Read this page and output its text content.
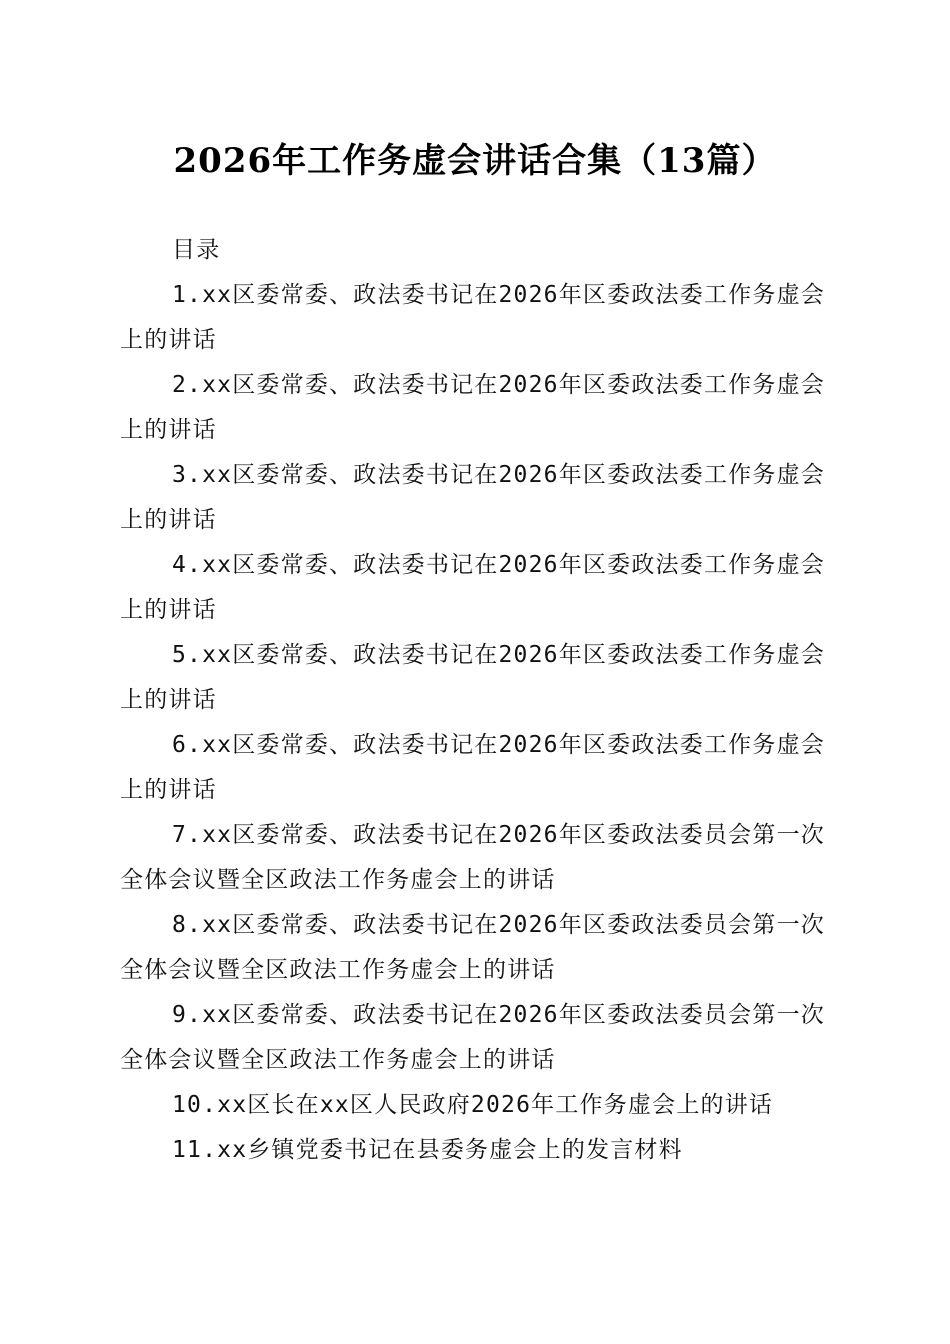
2026年工作务虚会讲话合集（13篇）
目录
1.xx区委常委、政法委书记在2026年区委政法委工作务虚会上的讲话
2.xx区委常委、政法委书记在2026年区委政法委工作务虚会上的讲话
3.xx区委常委、政法委书记在2026年区委政法委工作务虚会上的讲话
4.xx区委常委、政法委书记在2026年区委政法委工作务虚会上的讲话
5.xx区委常委、政法委书记在2026年区委政法委工作务虚会上的讲话
6.xx区委常委、政法委书记在2026年区委政法委工作务虚会上的讲话
7.xx区委常委、政法委书记在2026年区委政法委员会第一次全体会议暨全区政法工作务虚会上的讲话
8.xx区委常委、政法委书记在2026年区委政法委员会第一次全体会议暨全区政法工作务虚会上的讲话
9.xx区委常委、政法委书记在2026年区委政法委员会第一次全体会议暨全区政法工作务虚会上的讲话
10.xx区长在xx区人民政府2026年工作务虚会上的讲话
11.xx乡镇党委书记在县委务虚会上的发言材料
